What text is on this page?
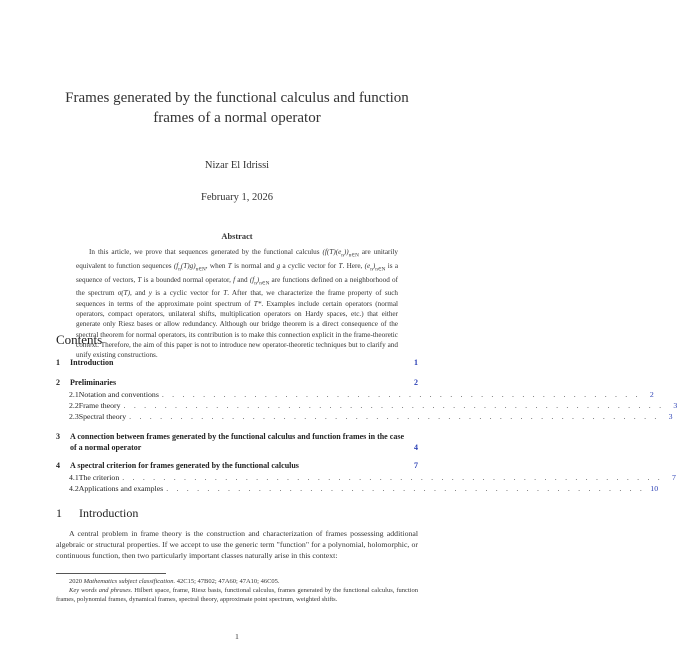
Frames generated by the functional calculus and function
frames of a normal operator
Nizar El Idrissi
February 1, 2026
Abstract
In this article, we prove that sequences generated by the functional calculus $(f(T)(e_n))_{n\in N}$ are unitarily equivalent to function sequences $(f_n(T)g)_{n\in N}$, when T is normal and g a cyclic vector for T. Here, $(e_n)_{n\in N}$ is a sequence of vectors, T is a bounded normal operator, f and $(f_n)_{n\in N}$ are functions defined on a neighborhood of the spectrum σ(T), and y is a cyclic vector for T. After that, we characterize the frame property of such sequences in terms of the approximate point spectrum of T*. Examples include certain operators (normal operators, compact operators, unilateral shifts, multiplication operators on Hardy spaces, etc.) that either generate only Riesz bases or allow redundancy. Although our bridge theorem is a direct consequence of the spectral theorem for normal operators, its contribution is to make this connection explicit in the frame-theoretic context. Therefore, the aim of this paper is not to introduce new operator-theoretic techniques but to clarify and unify existing constructions.
Contents
1	Introduction	1
2	Preliminaries	2
2.1 Notation and conventions . . . . . . . . . . . . . . . . . . . . . . . . . . . . . . . . . . . . . . . . . . . . . . .	2
2.2 Frame theory . . . . . . . . . . . . . . . . . . . . . . . . . . . . . . . . . . . . . . . . . . . . . . . . . . . . .	3
2.3 Spectral theory . . . . . . . . . . . . . . . . . . . . . . . . . . . . . . . . . . . . . . . . . . . . . . . . . . . .	3
3	A connection between frames generated by the functional calculus and function frames in the case of a normal operator	4
4	A spectral criterion for frames generated by the functional calculus	7
4.1 The criterion . . . . . . . . . . . . . . . . . . . . . . . . . . . . . . . . . . . . . . . . . . . . . . . . . . . . .	7
4.2 Applications and examples . . . . . . . . . . . . . . . . . . . . . . . . . . . . . . . . . . . . . . . . . . . . . . . 10
1 Introduction
A central problem in frame theory is the construction and characterization of frames possessing additional algebraic or structural properties. If we accept to use the generic term "function" for a polynomial, holomorphic, or continuous function, then two particularly important classes naturally arise in this context:
2020 Mathematics subject classification. 42C15; 47B02; 47A60; 47A10; 46C05.
Key words and phrases. Hilbert space, frame, Riesz basis, functional calculus, frames generated by the functional calculus, function frames, polynomial frames, dynamical frames, spectral theory, approximate point spectrum, weighted shifts.
1
